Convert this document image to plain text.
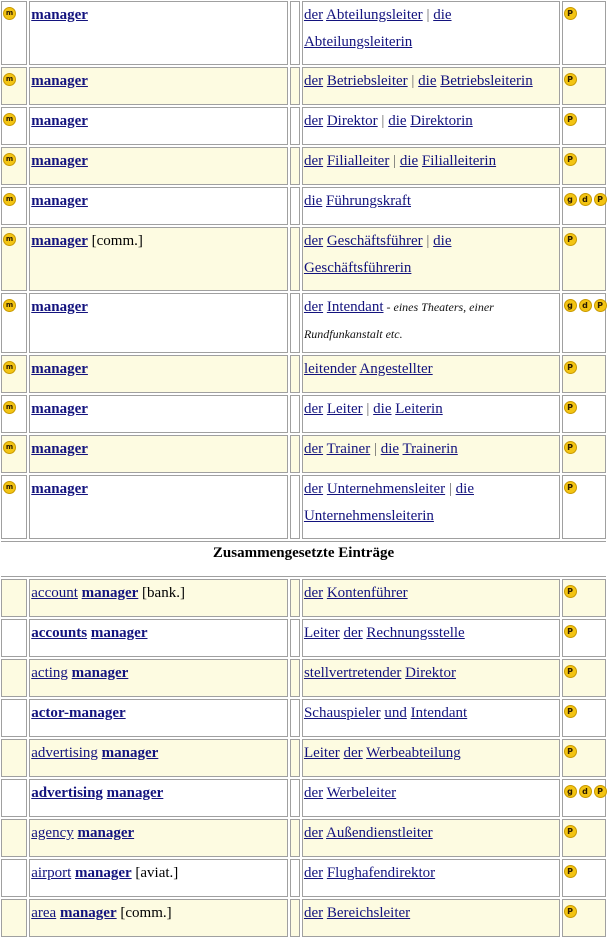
m	manager		der Abteilungsleiter | die Abteilungsleiterin	P
m	manager		der Betriebsleiter | die Betriebsleiterin	P
m	manager		der Direktor | die Direktorin	P
m	manager		der Filialleiter | die Filialleiterin	P
m	manager		die Führungskraft	g d P
m	manager [comm.]		der Geschäftsführer | die Geschäftsführerin	P
m	manager		der Intendant - eines Theaters, einer Rundfunkanstalt etc.	g d P
m	manager		leitender Angestellter	P
m	manager		der Leiter | die Leiterin	P
m	manager		der Trainer | die Trainerin	P
m	manager		der Unternehmensleiter | die Unternehmensleiterin	P
Zusammengesetzte Einträge				
	account manager [bank.]		der Kontenführer	P
	accounts manager		Leiter der Rechnungsstelle	P
	acting manager		stellvertretender Direktor	P
	actor-manager		Schauspieler und Intendant	P
	advertising manager		Leiter der Werbeabteilung	P
	advertising manager		der Werbeleiter	g d P
	agency manager		der Außendienstleiter	P
	airport manager [aviat.]		der Flughafendirektor	P
	area manager [comm.]		der Bereichsleiter	P
